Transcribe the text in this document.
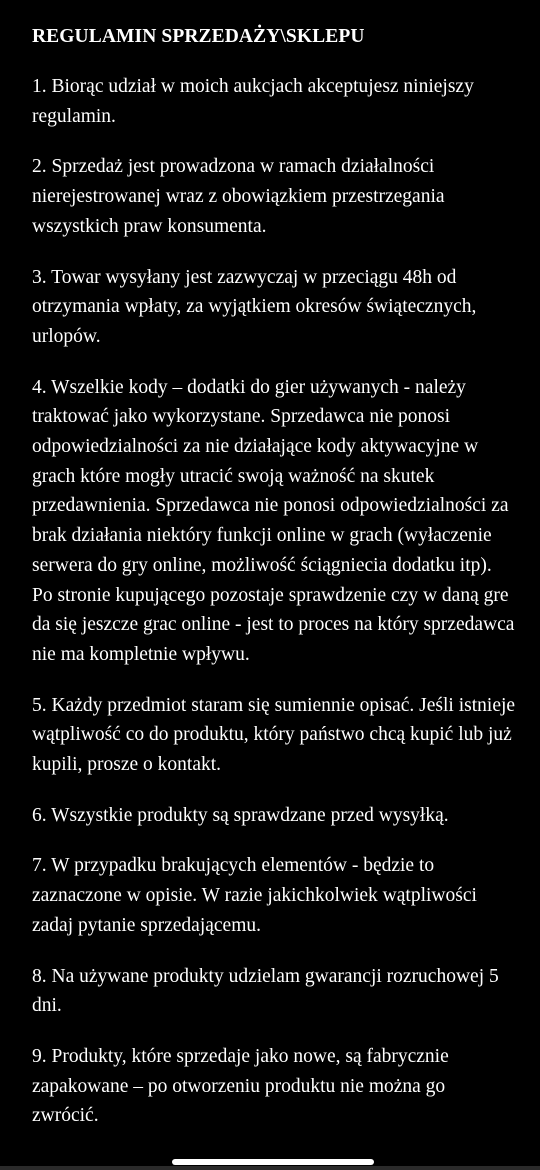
REGULAMIN SPRZEDAŻY\SKLEPU
1. Biorąc udział w moich aukcjach akceptujesz niniejszy regulamin.
2. Sprzedaż jest prowadzona w ramach działalności nierejestrowanej wraz z obowiązkiem przestrzegania wszystkich praw konsumenta.
3. Towar wysyłany jest zazwyczaj w przeciągu 48h od otrzymania wpłaty, za wyjątkiem okresów świątecznych, urlopów.
4. Wszelkie kody – dodatki do gier używanych - należy traktować jako wykorzystane. Sprzedawca nie ponosi odpowiedzialności za nie działające kody aktywacyjne w grach które mogły utracić swoją ważność na skutek przedawnienia. Sprzedawca nie ponosi odpowiedzialności za brak działania niektóry funkcji online w grach (wyłaczenie serwera do gry online, możliwość ściągniecia dodatku itp). Po stronie kupującego pozostaje sprawdzenie czy w daną gre da się jeszcze grac online - jest to proces na który sprzedawca nie ma kompletnie wpływu.
5. Każdy przedmiot staram się sumiennie opisać. Jeśli istnieje wątpliwość co do produktu, który państwo chcą kupić lub już kupili, prosze o kontakt.
6. Wszystkie produkty są sprawdzane przed wysyłką.
7. W przypadku brakujących elementów - będzie to zaznaczone w opisie. W razie jakichkolwiek wątpliwości zadaj pytanie sprzedającemu.
8. Na używane produkty udzielam gwarancji rozruchowej 5 dni.
9. Produkty, które sprzedaje jako nowe, są fabrycznie zapakowane – po otworzeniu produktu nie można go zwrócić.
